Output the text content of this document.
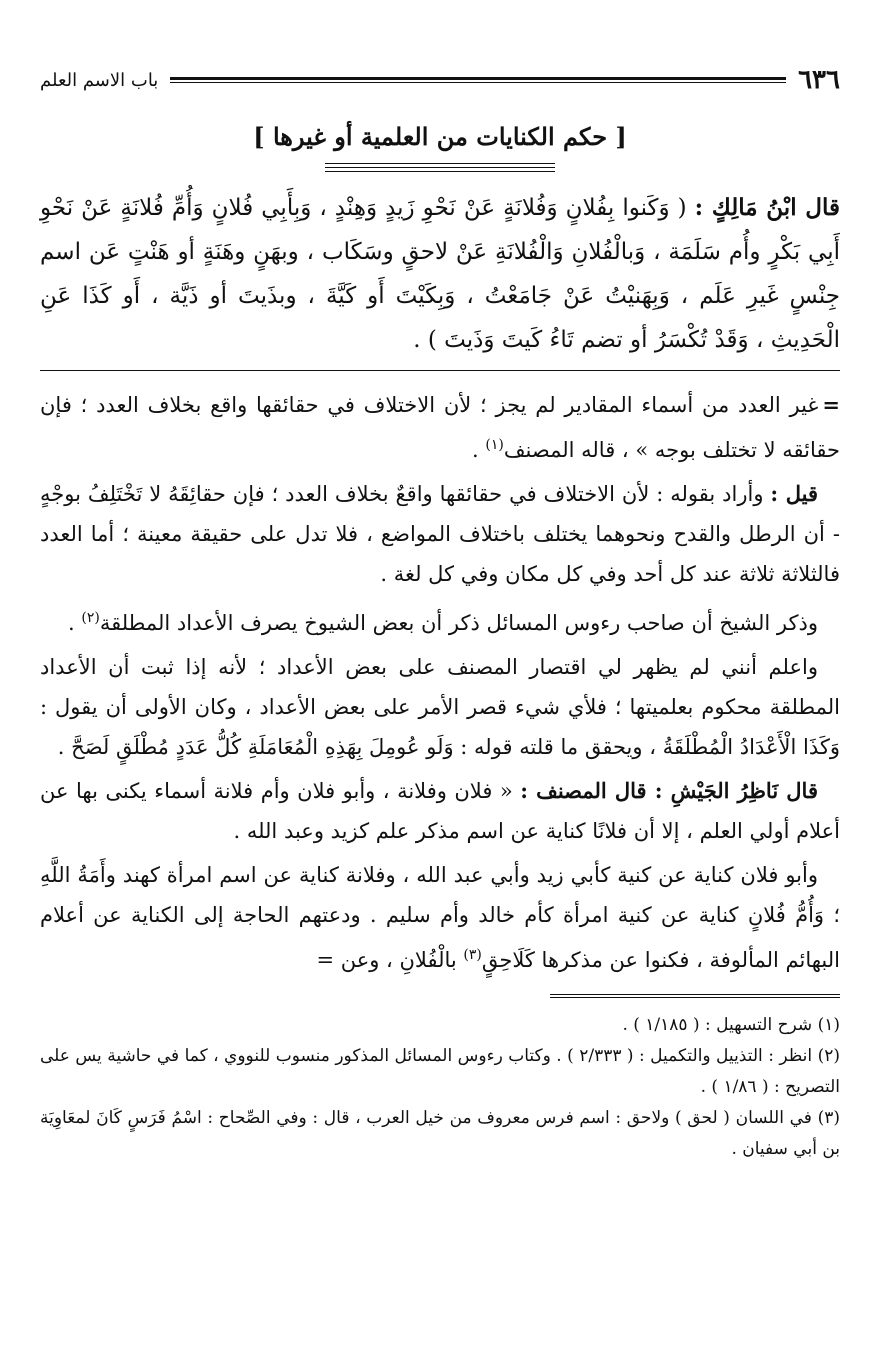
٦٣٦
باب الاسم العلم
[ حكم الكنايات من العلمية أو غيرها ]
قال ابْنُ مَالِكٍ : ( وَكَنوا بِفُلانٍ وَفُلانَةٍ عَنْ نَحْوِ زَيدٍ وَهِنْدٍ ، وَبِأَبِي فُلانٍ وَأُمِّ فُلانَةٍ عَنْ نَحْوِ أَبِي بَكْرٍ وأُم سَلَمَة ، وَبالْفُلانِ وَالْفُلانَةِ عَنْ لاحقٍ وسَكَاب ، وبهَنٍ وهَنَةٍ أو هَنْتٍ عَن اسم جِنْسٍ غَيرِ عَلَم ، وَبِهَنيْتُ عَنْ جَامَعْتُ ، وَبِكَيْتَ أَو كَيَّةَ ، وبذَيتَ أو ذَيَّة ، أَو كَذَا عَنِ الْحَدِيثِ ، وَقَدْ تُكْسَرُ أو تضم تَاءُ كَيتَ وَذَيتَ ) .

=غير العدد من أسماء المقادير لم يجز ؛ لأن الاختلاف في حقائقها واقع بخلاف العدد ؛ فإن حقائقه لا تختلف بوجه » ، قاله المصنف$^{(١)}$ .

قيل : وأراد بقوله : لأن الاختلاف في حقائقها واقعٌ بخلاف العدد ؛ فإن حقائِقَهُ لا تَخْتَلِفُ بوجْهٍ - أن الرطل والقدح ونحوهما يختلف باختلاف المواضع ، فلا تدل على حقيقة معينة ؛ أما العدد فالثلاثة ثلاثة عند كل أحد وفي كل مكان وفي كل لغة .

وذكر الشيخ أن صاحب رءوس المسائل ذكر أن بعض الشيوخ يصرف الأعداد المطلقة$^{(٢)}$ .

واعلم أنني لم يظهر لي اقتصار المصنف على بعض الأعداد ؛ لأنه إذا ثبت أن الأعداد المطلقة محكوم بعلميتها ؛ فلأي شيء قصر الأمر على بعض الأعداد ، وكان الأولى أن يقول : وَكَذَا الْأَعْدَادُ الْمُطْلَقَةُ ، ويحقق ما قلته قوله : وَلَو عُومِلَ بِهَذِهِ الْمُعَامَلَةِ كُلُّ عَدَدٍ مُطْلَقٍ لَصَحَّ .

قال نَاظِرُ الجَيْشِ : قال المصنف : « فلان وفلانة ، وأبو فلان وأم فلانة أسماء يكنى بها عن أعلام أولي العلم ، إلا أن فلانًا كناية عن اسم مذكر علم كزيد وعبد الله .

وأبو فلان كناية عن كنية كأبي زيد وأبي عبد الله ، وفلانة كناية عن اسم امرأة كهند وأَمَةُ اللَّهِ ؛ وَأُمُّ فُلانٍ كناية عن كنية امرأة كأم خالد وأم سليم . ودعتهم الحاجة إلى الكناية عن أعلام البهائم المألوفة ، فكنوا عن مذكرها كَلَاحِقٍ$^{(٣)}$ بالْفُلانِ ، وعن =

(١) شرح التسهيل : ( ١/١٨٥ ) .

(٢) انظر : التذييل والتكميل : ( ٢/٣٣٣ ) . وكتاب رءوس المسائل المذكور منسوب للنووي ، كما في حاشية يس على التصريح : ( ١/٨٦ ) .

(٣) في اللسان ( لحق ) ولاحق : اسم فرس معروف من خيل العرب ، قال : وفي الصِّحاح : اسْمُ فَرَسٍ كَانَ لمعَاوِيَة بن أبي سفيان .
